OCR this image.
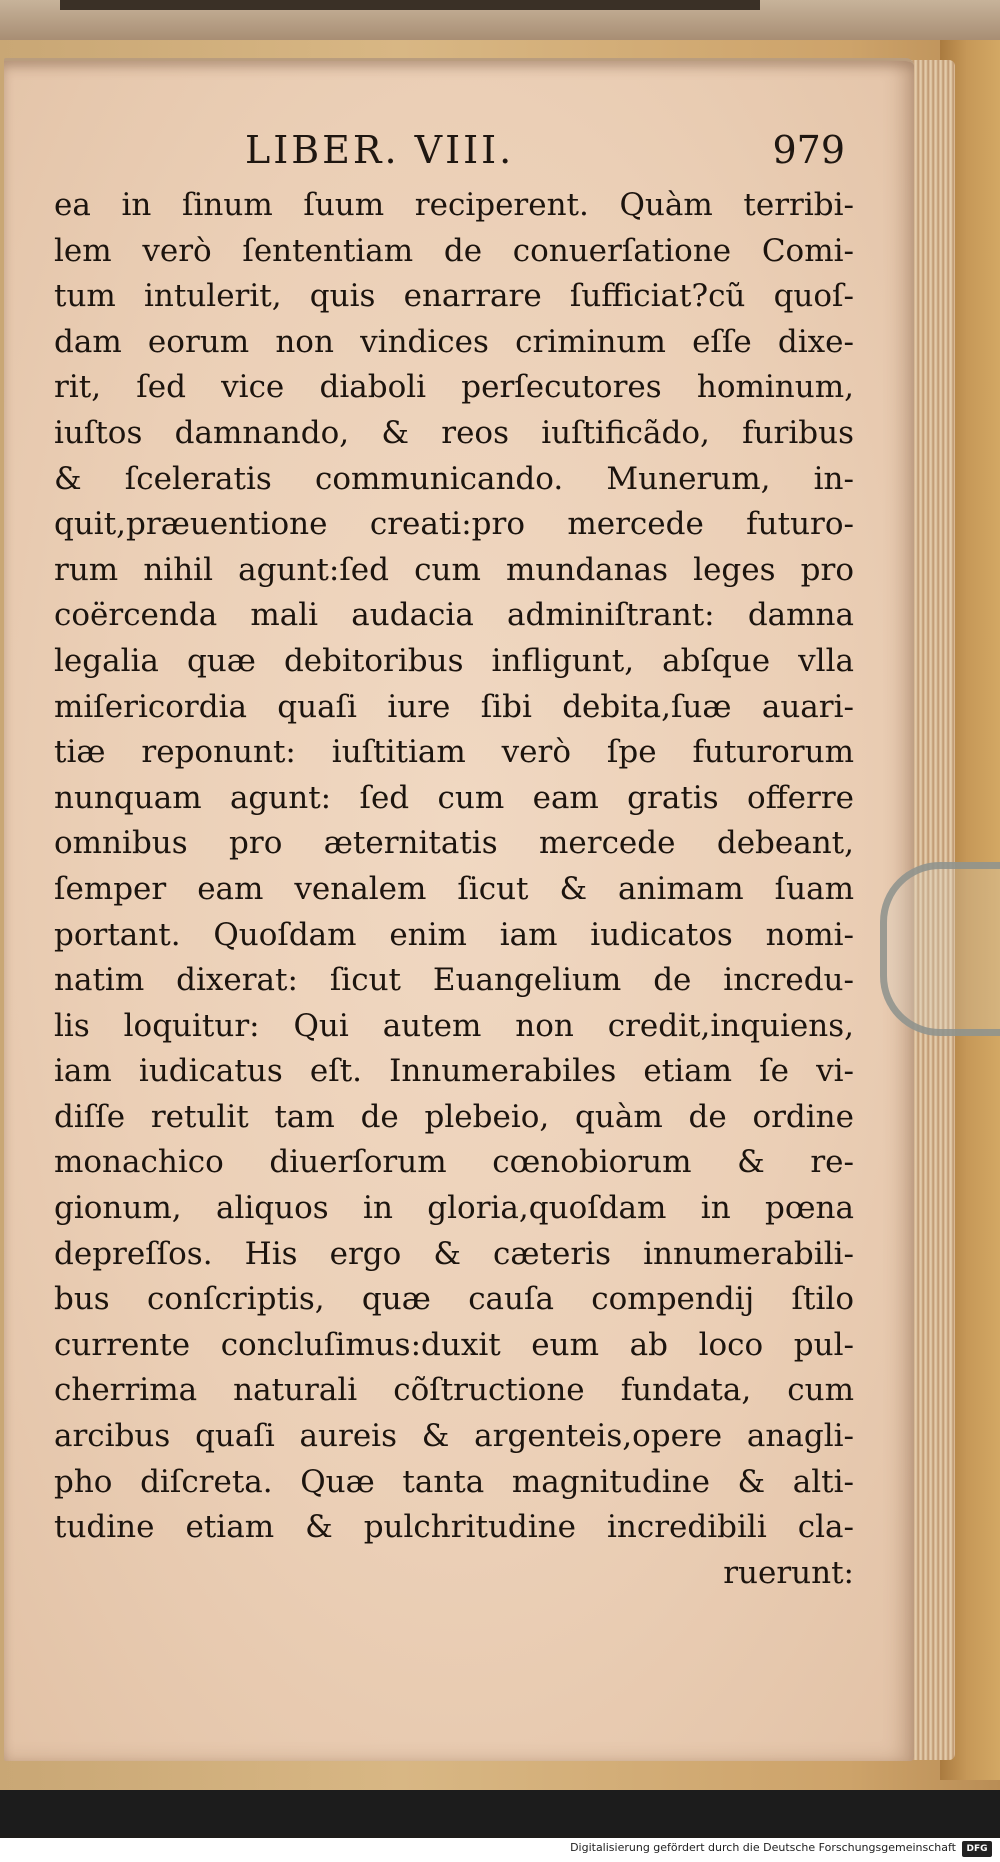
LIBER. VIII.	979
ea in ſinum ſuum reciperent. Quàm terribi-
lem verò ſententiam de conuerſatione Comi-
tum intulerit, quis enarrare ſufficiat?cũ quoſ-
dam eorum non vindices criminum eſſe dixe-
rit, ſed vice diaboli perſecutores hominum,
iuſtos damnando, & reos iuſtificãdo, furibus
& ſceleratis communicando. Munerum, in-
quit,præuentione creati:pro mercede futuro-
rum nihil agunt:ſed cum mundanas leges pro
coërcenda mali audacia adminiſtrant: damna
legalia quæ debitoribus infligunt, abſque vlla
miſericordia quaſi iure ſibi debita,ſuæ auari-
tiæ reponunt: iuſtitiam verò ſpe futurorum
nunquam agunt: ſed cum eam gratis offerre
omnibus pro æternitatis mercede debeant,
ſemper eam venalem ſicut & animam ſuam
portant. Quoſdam enim iam iudicatos nomi-
natim dixerat: ſicut Euangelium de incredu-
lis loquitur: Qui autem non credit,inquiens,
iam iudicatus eſt. Innumerabiles etiam ſe vi-
diſſe retulit tam de plebeio, quàm de ordine
monachico diuerſorum cœnobiorum & re-
gionum, aliquos in gloria,quoſdam in pœna
depreſſos. His ergo & cæteris innumerabili-
bus conſcriptis, quæ cauſa compendij ſtilo
currente concluſimus:duxit eum ab loco pul-
cherrima naturali cõſtructione fundata, cum
arcibus quaſi aureis & argenteis,opere anagli-
pho diſcreta. Quæ tanta magnitudine & alti-
tudine etiam & pulchritudine incredibili cla-
ruerunt:
Digitalisierung gefördert durch die Deutsche Forschungsgemeinschaft	DFG
